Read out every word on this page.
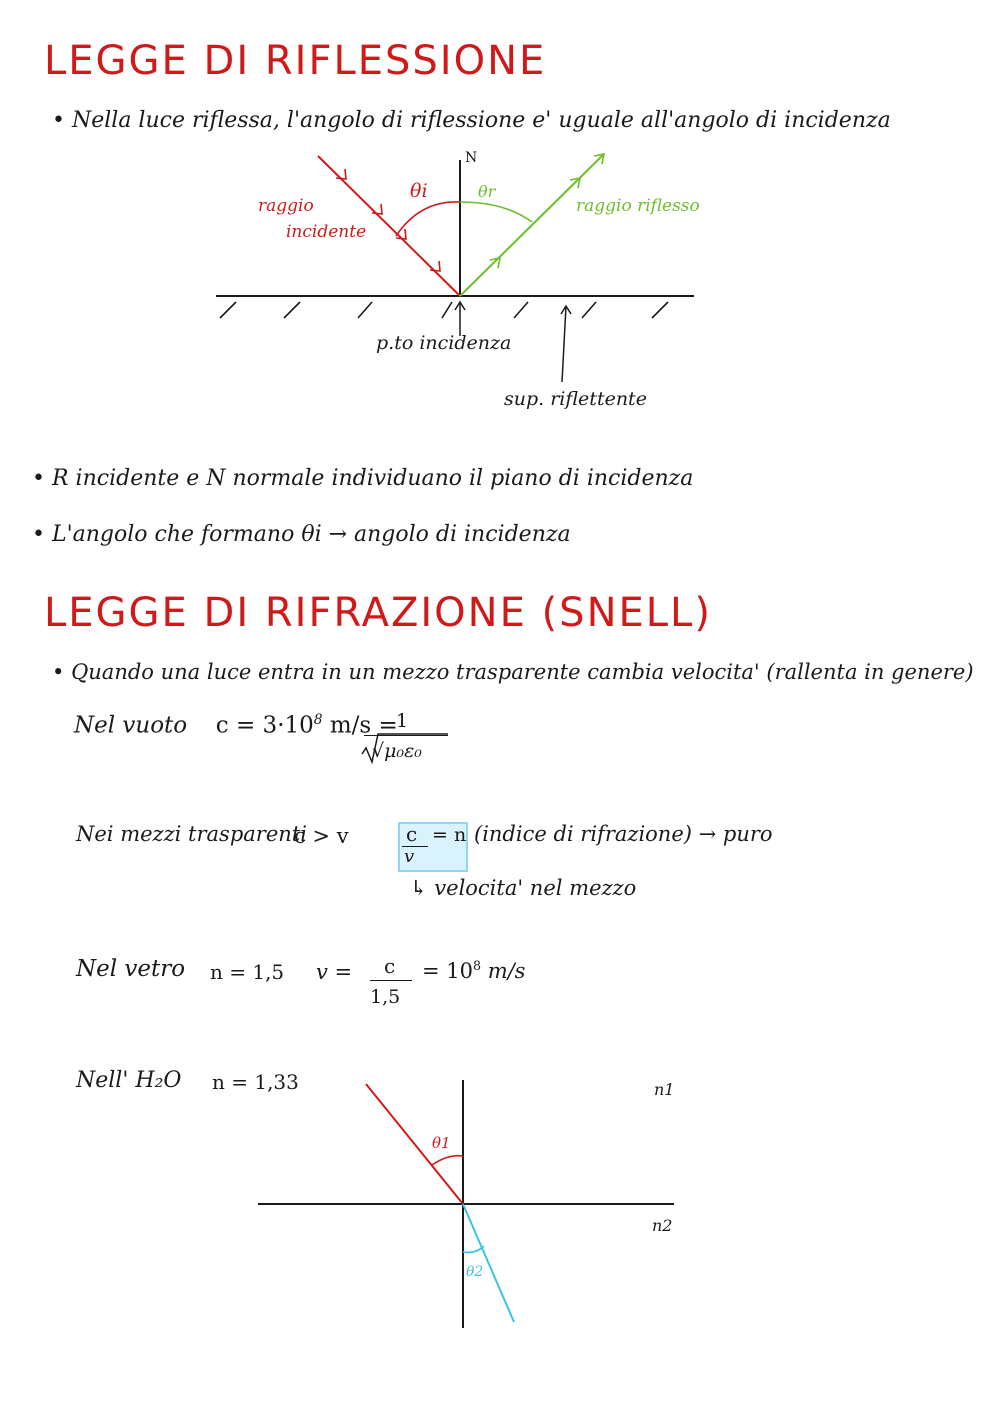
LEGGE DI RIFLESSIONE
• Nella luce riflessa, l'angolo di riflessione e' uguale all'angolo di incidenza
N
θi	θr
raggio
incidente
raggio riflesso
p.to incidenza
sup. riflettente
• R incidente e N normale individuano il piano di incidenza
• L'angolo che formano θi → angolo di incidenza
LEGGE DI RIFRAZIONE (SNELL)
• Quando una luce entra in un mezzo trasparente cambia velocita' (rallenta in genere)
Nel vuoto $c = 3\cdot 10^8$ m/s =
1
√μ₀ε₀
Nei mezzi trasparenti
c > v	c
v
= n (indice di rifrazione) → puro
↳ velocita' nel mezzo
Nel vetro n = 1,5 v = c
1,5
= $10^8$ m/s
Nell' H₂O n = 1,33
θ1
θ2
n1
n2
